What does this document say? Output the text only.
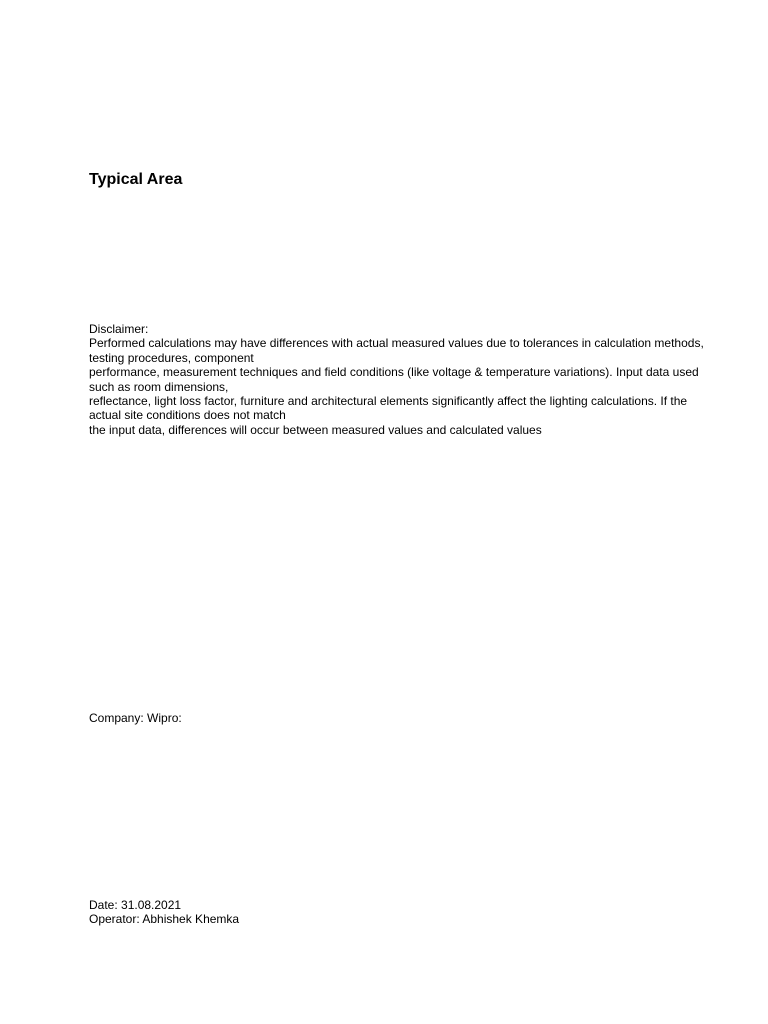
Typical Area
Disclaimer:
Performed calculations may have differences with actual measured values due to tolerances in calculation methods,
testing procedures, component
performance, measurement techniques and field conditions (like voltage & temperature variations). Input data used
such as room dimensions,
reflectance, light loss factor, furniture and architectural elements significantly affect the lighting calculations. If the
actual site conditions does not match
the input data, differences will occur between measured values and calculated values
Company: Wipro:
Date: 31.08.2021
Operator: Abhishek Khemka
